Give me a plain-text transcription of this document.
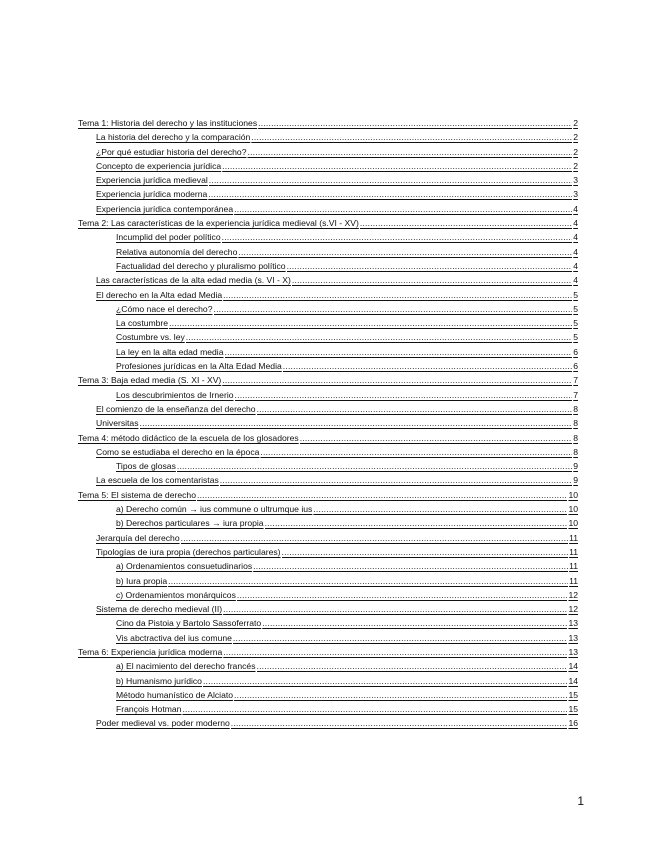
Tema 1: Historia del derecho y las instituciones .....	2
La historia del derecho y la comparación .....	2
¿Por qué estudiar historia del derecho? .....	2
Concepto de experiencia jurídica .....	2
Experiencia jurídica medieval .....	3
Experiencia jurídica moderna .....	3
Experiencia jurídica contemporánea .....	4
Tema 2: Las características de la experiencia jurídica medieval (s.VI - XV) .....	4
Incumplid del poder político .....	4
Relativa autonomía del derecho .....	4
Factualidad del derecho y pluralismo político .....	4
Las características de la alta edad media (s. VI - X) .....	4
El derecho en la Alta edad Media .....	5
¿Cómo nace el derecho? .....	5
La costumbre .....	5
Costumbre vs. ley .....	5
La ley en la alta edad media .....	6
Profesiones jurídicas en la Alta Edad Media .....	6
Tema 3: Baja edad media (S. XI - XV) .....	7
Los descubrimientos de Irnerio .....	7
El comienzo de la enseñanza del derecho .....	8
Universitas .....	8
Tema 4: método didáctico de la escuela de los glosadores .....	8
Como se estudiaba el derecho en la época .....	8
Tipos de glosas .....	9
La escuela de los comentaristas .....	9
Tema 5: El sistema de derecho .....	10
a) Derecho común → ius commune o ultrumque ius .....	10
b) Derechos particulares → iura propia .....	10
Jerarquía del derecho .....	11
Tipologías de iura propia (derechos particulares) .....	11
a) Ordenamientos consuetudinarios .....	11
b) Iura propia .....	11
c) Ordenamientos monárquicos .....	12
Sistema de derecho medieval (II) .....	12
Cino da Pistoia y Bartolo Sassoferrato .....	13
Vis abctractiva del ius comune .....	13
Tema 6: Experiencia jurídica moderna .....	13
a) El nacimiento del derecho francés .....	14
b) Humanismo jurídico .....	14
Método humanístico de Alciato .....	15
François Hotman .....	15
Poder medieval vs. poder moderno .....	16
1
